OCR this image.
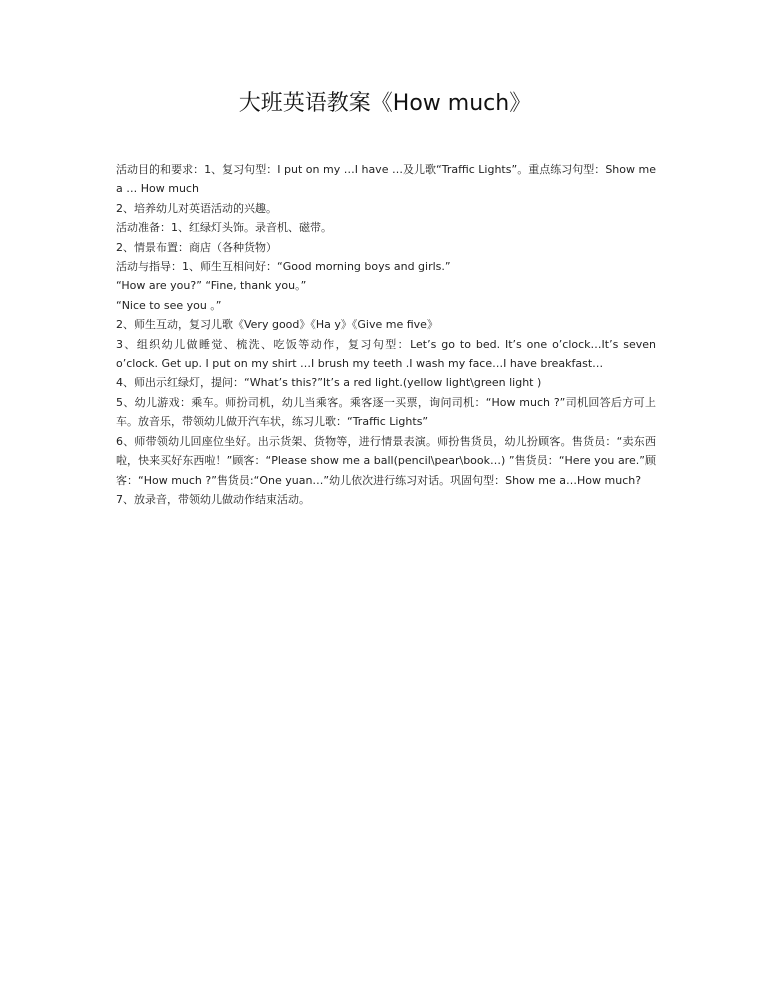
大班英语教案《How much》

活动目的和要求：1、复习句型：I put on my …I have …及儿歌“Traffic Lights”。重点练习句型：Show me a … How much

2、培养幼儿对英语活动的兴趣。

活动准备：1、红绿灯头饰。录音机、磁带。

2、情景布置：商店（各种货物）

活动与指导：1、师生互相问好：“Good morning boys and girls.”

“How are you?” “Fine, thank you。”

“Nice to see you 。”

2、师生互动，复习儿歌《Very good》《Ha y》《Give me five》

3、组织幼儿做睡觉、梳洗、吃饭等动作，复习句型：Let’s go to bed. It’s one o’clock…It’s seven o’clock. Get up. I put on my shirt …I brush my teeth .I wash my face…I have breakfast…

4、师出示红绿灯，提问：“What’s this?”It’s a red light.(yellow light\green light )

5、幼儿游戏：乘车。师扮司机，幼儿当乘客。乘客逐一买票，询问司机：“How much ?”司机回答后方可上车。放音乐，带领幼儿做开汽车状，练习儿歌：“Traffic Lights”

6、师带领幼儿回座位坐好。出示货架、货物等，进行情景表演。师扮售货员，幼儿扮顾客。售货员：“卖东西啦，快来买好东西啦！”顾客：“Please show me a ball(pencil\pear\book…) ”售货员：“Here you are.”顾客：“How much ?”售货员:“One yuan…”幼儿依次进行练习对话。巩固句型：Show me a…How much?

7、放录音，带领幼儿做动作结束活动。
